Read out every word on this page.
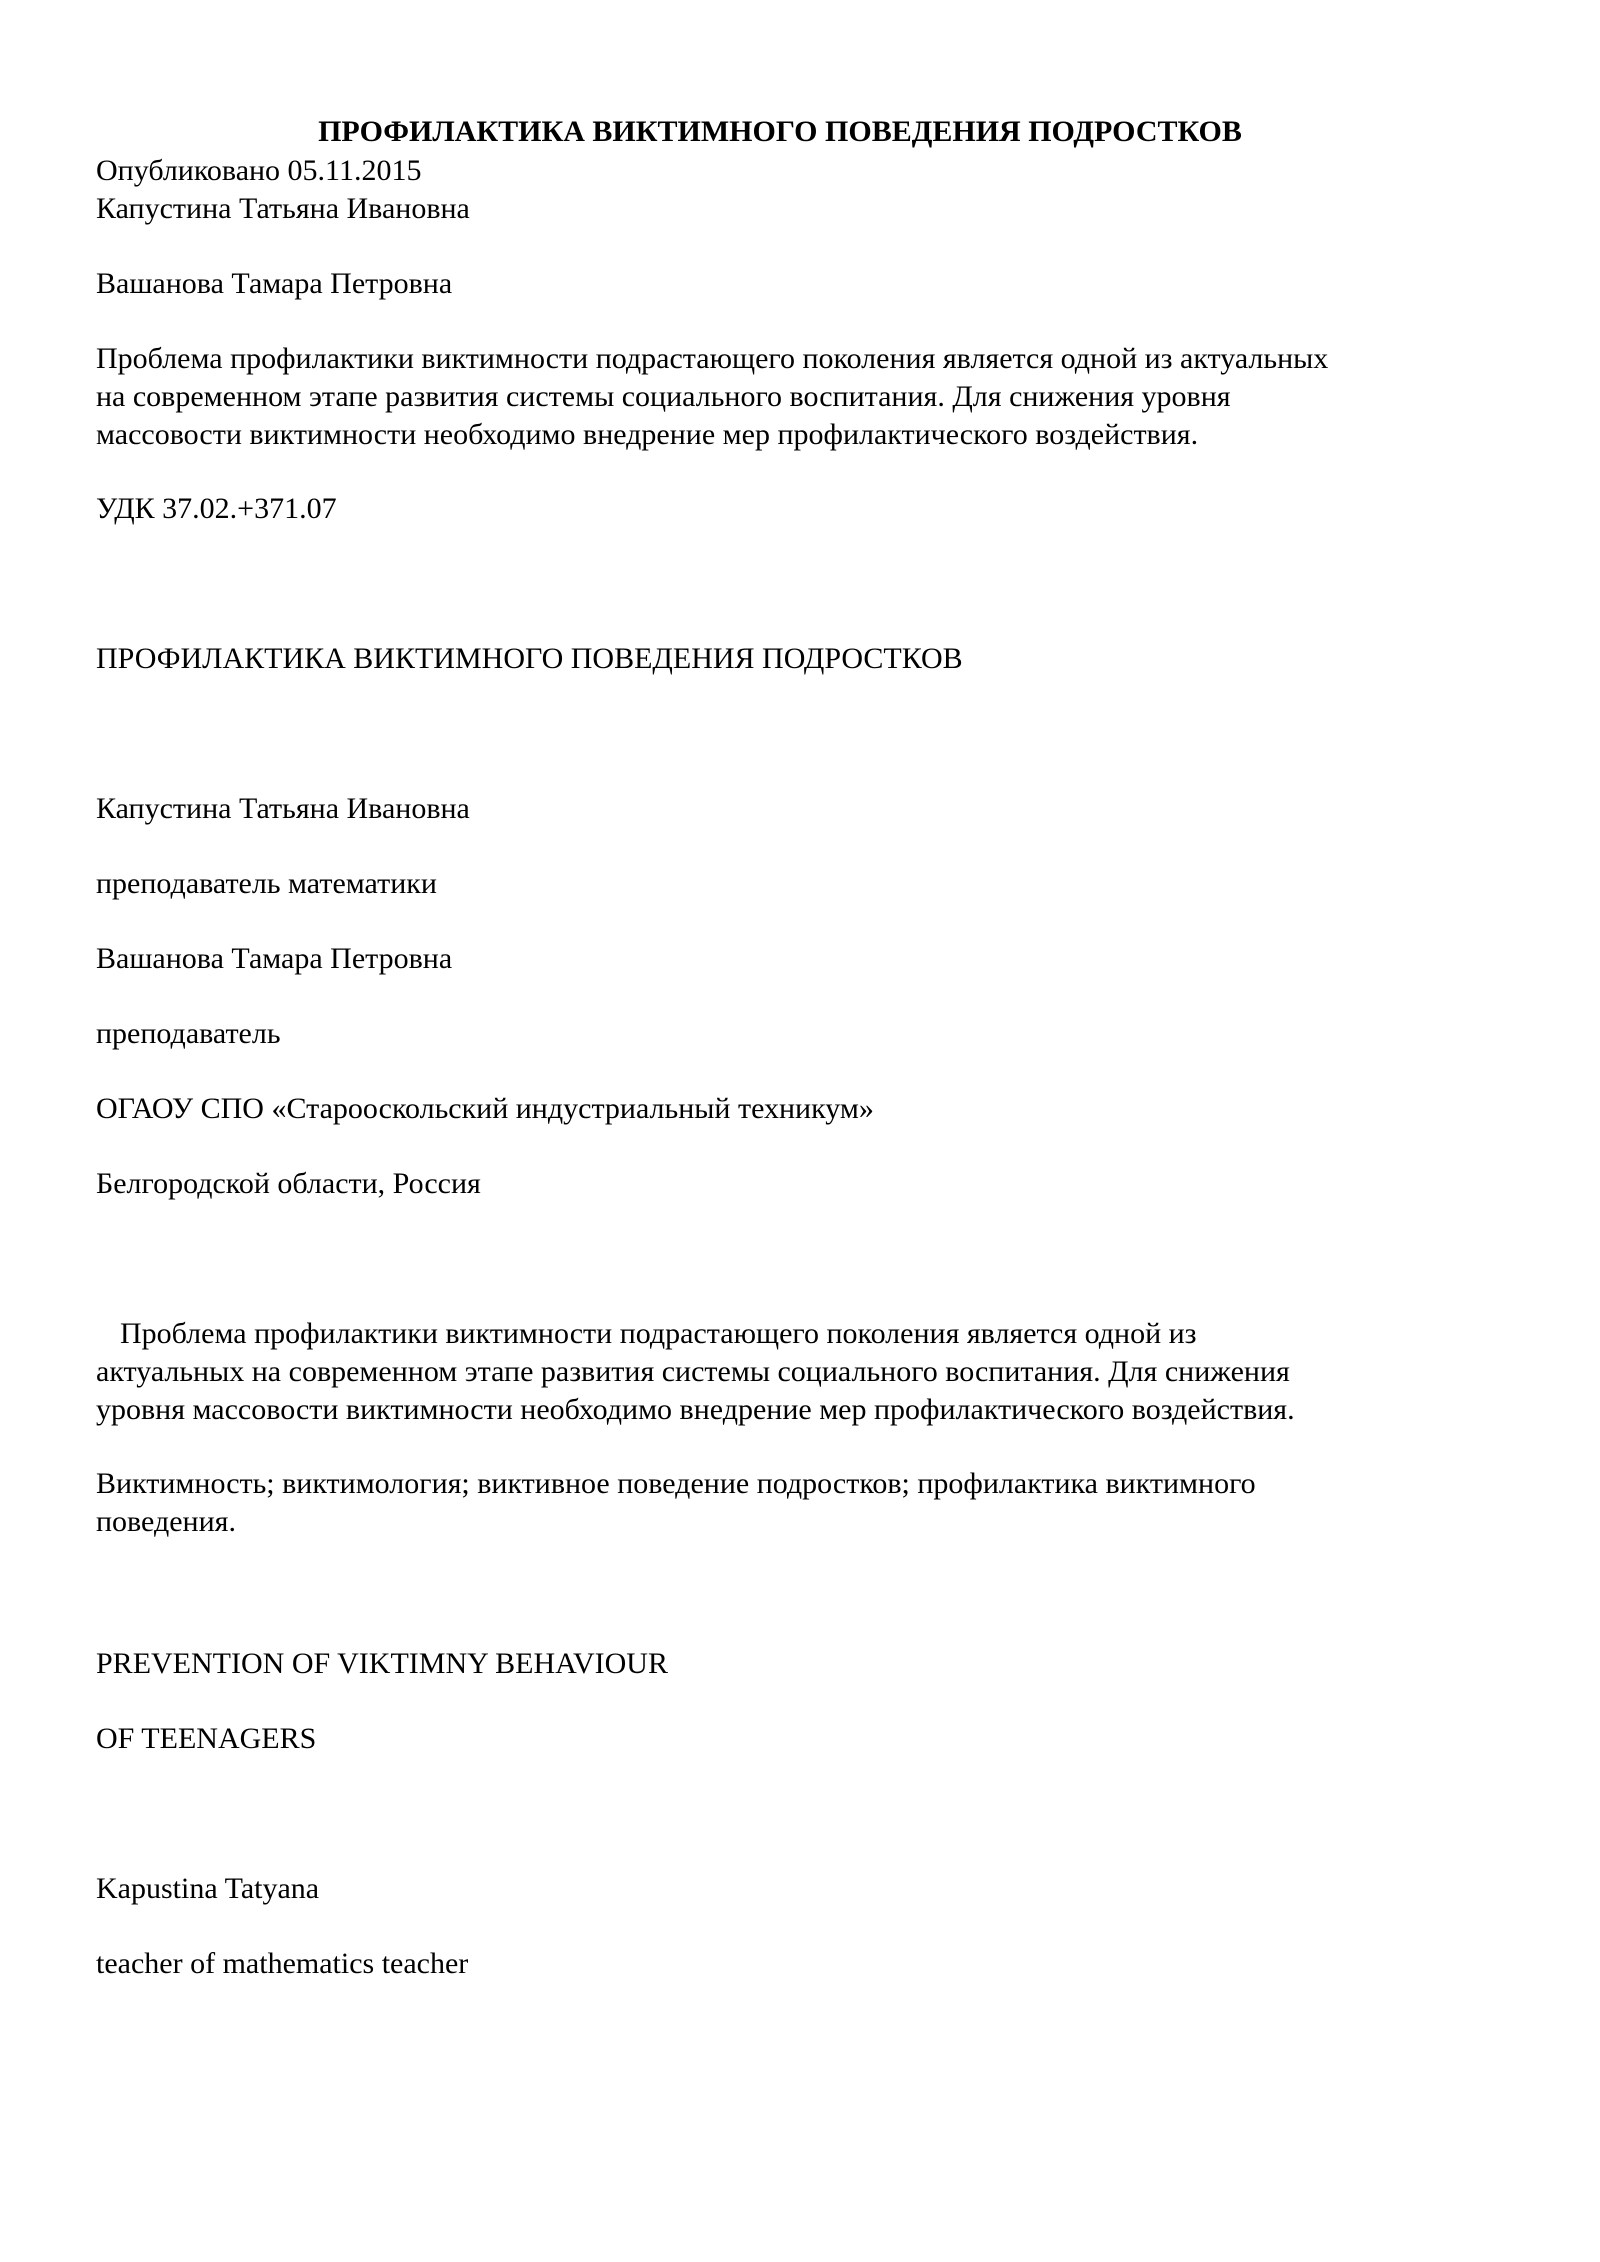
ПРОФИЛАКТИКА ВИКТИМНОГО ПОВЕДЕНИЯ ПОДРОСТКОВ

Опубликовано 05.11.2015

Капустина Татьяна Ивановна

Вашанова Тамара Петровна

Проблема профилактики виктимности подрастающего поколения является одной из актуальных
на современном этапе развития системы социального воспитания. Для снижения уровня
массовости виктимности необходимо внедрение мер профилактического воздействия.

УДК 37.02.+371.07

ПРОФИЛАКТИКА ВИКТИМНОГО ПОВЕДЕНИЯ ПОДРОСТКОВ

Капустина Татьяна Ивановна

преподаватель математики

Вашанова Тамара Петровна

преподаватель

ОГАОУ СПО «Старооскольский индустриальный техникум»

Белгородской области, Россия

Проблема профилактики виктимности подрастающего поколения является одной из
актуальных на современном этапе развития системы социального воспитания. Для снижения
уровня массовости виктимности необходимо внедрение мер профилактического воздействия.

Виктимность; виктимология; виктивное поведение подростков; профилактика виктимного
поведения.

PREVENTION OF VIKTIMNY BEHAVIOUR

OF TEENAGERS

Kapustina Tatyana

teacher of mathematics teacher
